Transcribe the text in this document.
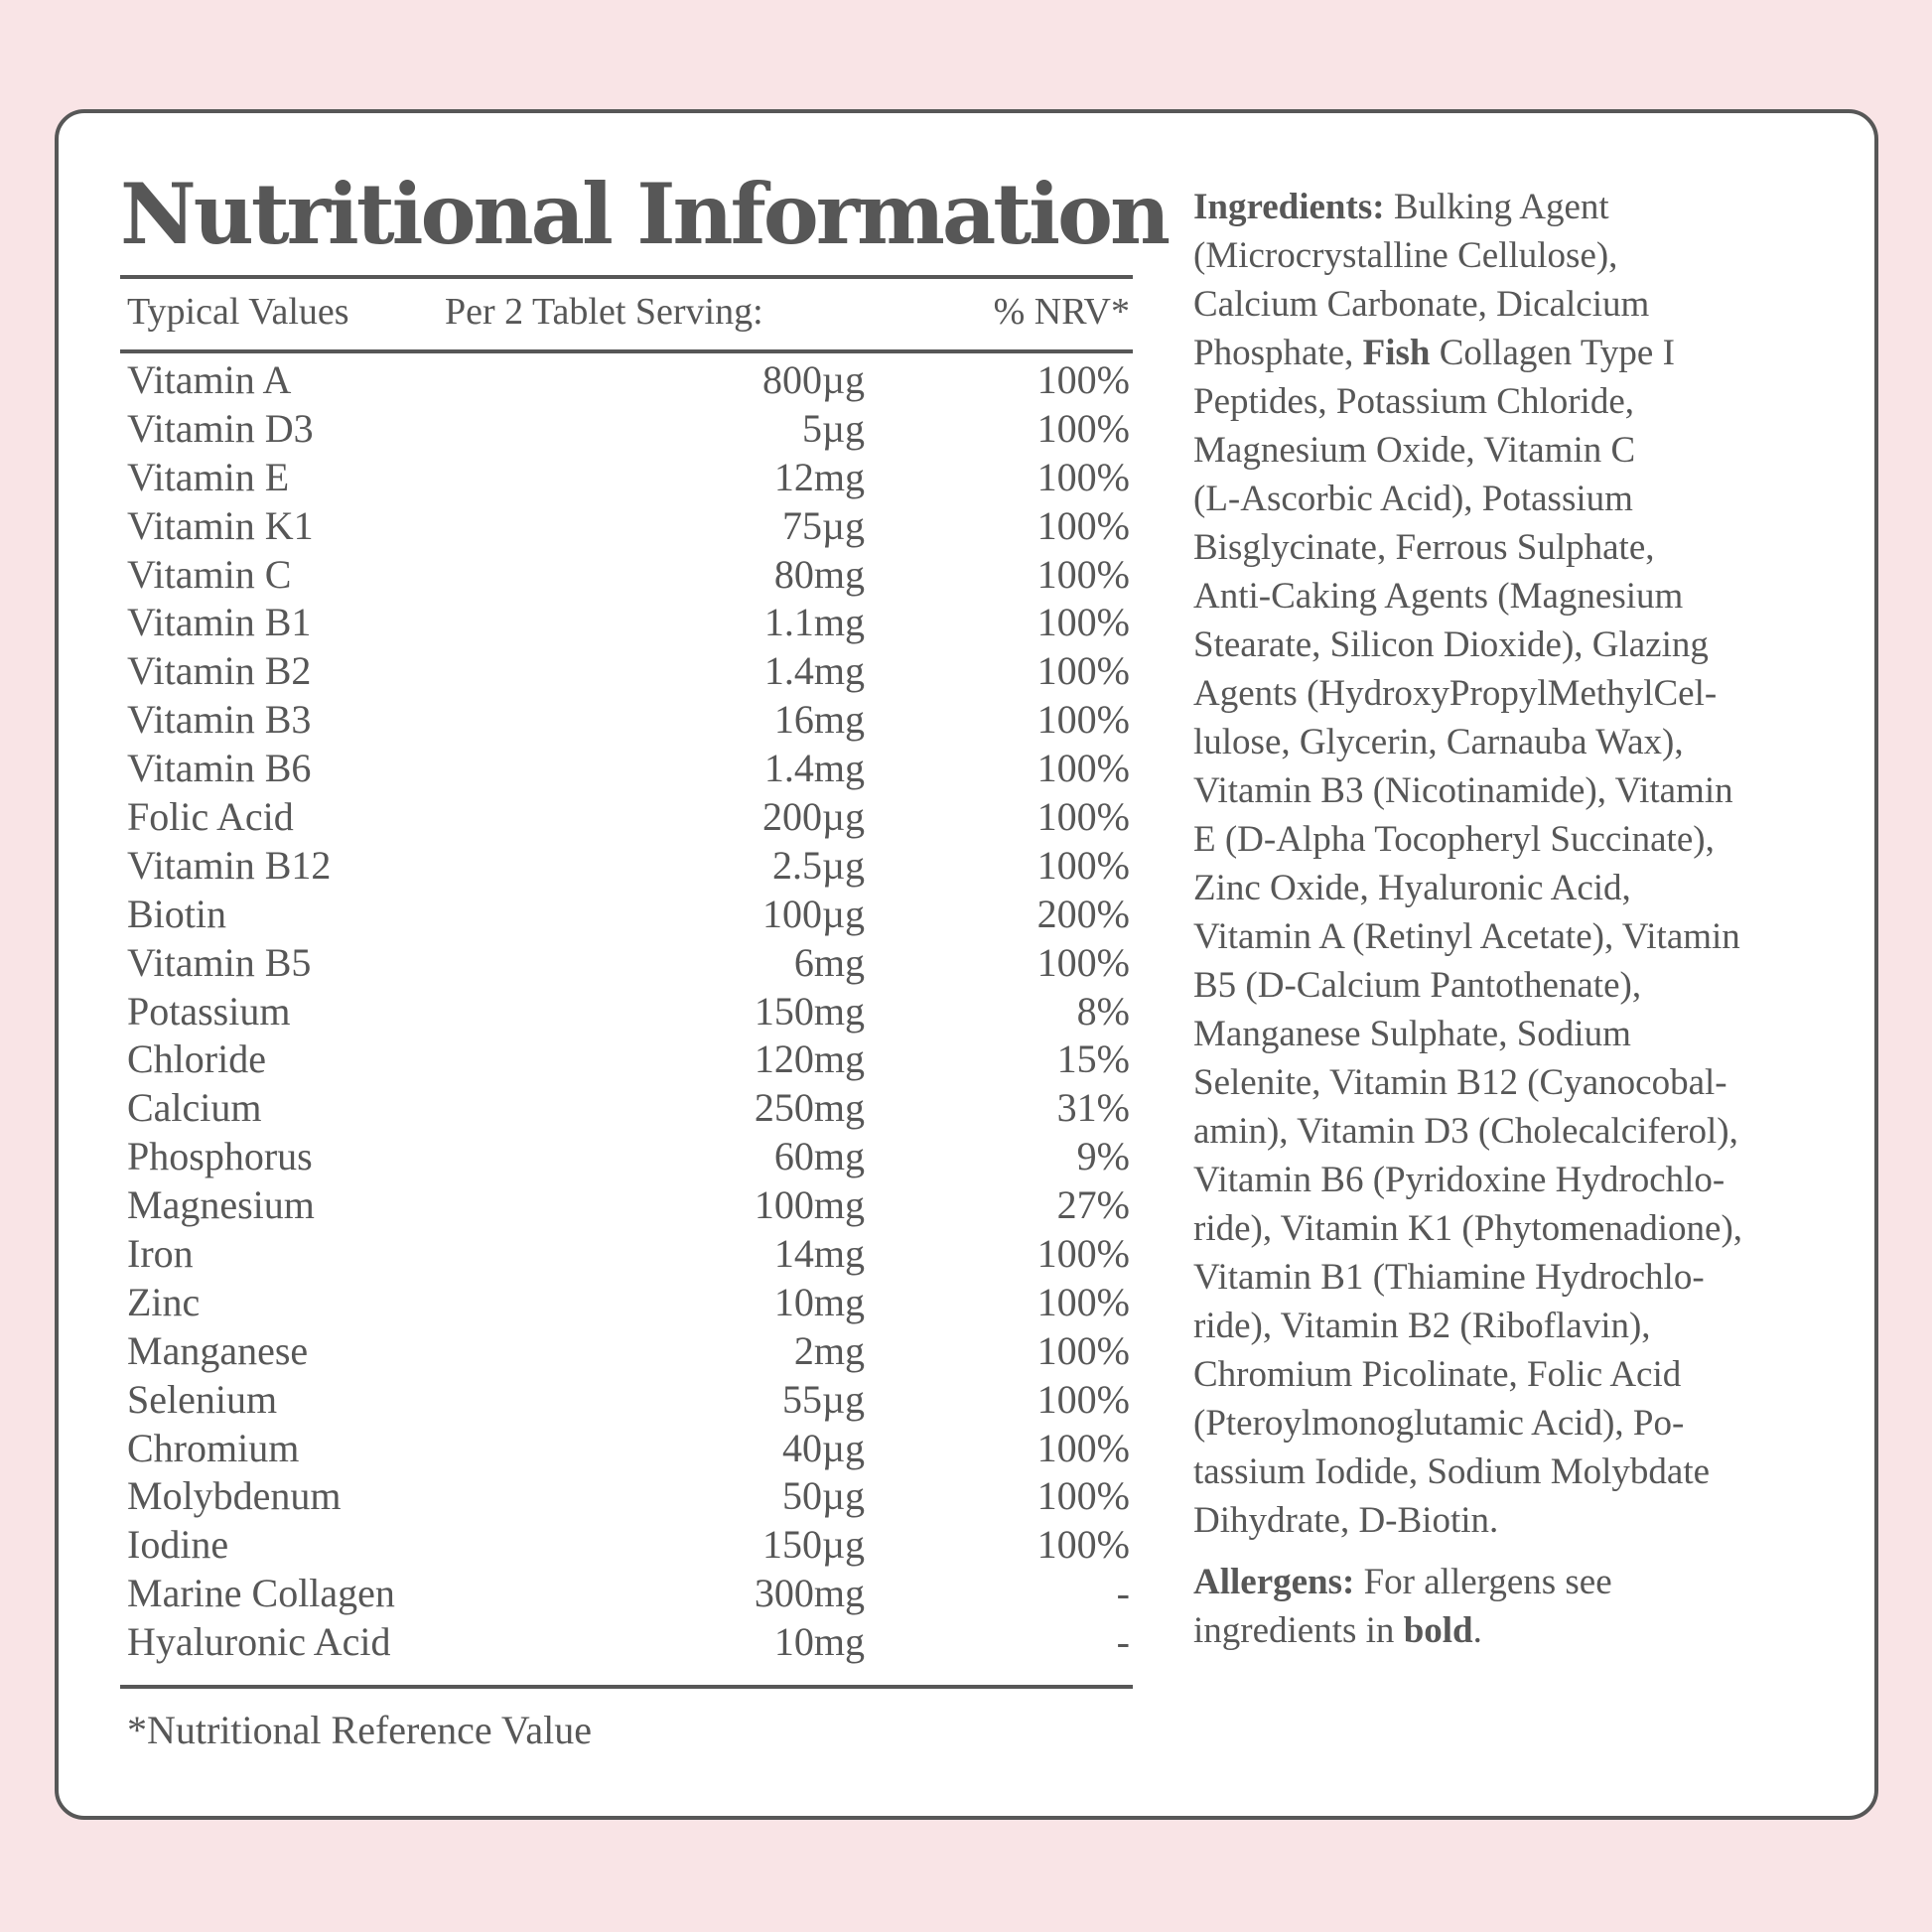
Nutritional Information
Typical Values	Per 2 Tablet Serving:	% NRV*
Vitamin A	800µg	100%
Vitamin D3	5µg	100%
Vitamin E	12mg	100%
Vitamin K1	75µg	100%
Vitamin C	80mg	100%
Vitamin B1	1.1mg	100%
Vitamin B2	1.4mg	100%
Vitamin B3	16mg	100%
Vitamin B6	1.4mg	100%
Folic Acid	200µg	100%
Vitamin B12	2.5µg	100%
Biotin	100µg	200%
Vitamin B5	6mg	100%
Potassium	150mg	8%
Chloride	120mg	15%
Calcium	250mg	31%
Phosphorus	60mg	9%
Magnesium	100mg	27%
Iron	14mg	100%
Zinc	10mg	100%
Manganese	2mg	100%
Selenium	55µg	100%
Chromium	40µg	100%
Molybdenum	50µg	100%
Iodine	150µg	100%
Marine Collagen	300mg	-
Hyaluronic Acid	10mg	-
*Nutritional Reference Value
Ingredients: Bulking Agent
(Microcrystalline Cellulose),
Calcium Carbonate, Dicalcium
Phosphate, Fish Collagen Type I
Peptides, Potassium Chloride,
Magnesium Oxide, Vitamin C
(L-Ascorbic Acid), Potassium
Bisglycinate, Ferrous Sulphate,
Anti-Caking Agents (Magnesium
Stearate, Silicon Dioxide), Glazing
Agents (HydroxyPropylMethylCel-
lulose, Glycerin, Carnauba Wax),
Vitamin B3 (Nicotinamide), Vitamin
E (D-Alpha Tocopheryl Succinate),
Zinc Oxide, Hyaluronic Acid,
Vitamin A (Retinyl Acetate), Vitamin
B5 (D-Calcium Pantothenate),
Manganese Sulphate, Sodium
Selenite, Vitamin B12 (Cyanocobal-
amin), Vitamin D3 (Cholecalciferol),
Vitamin B6 (Pyridoxine Hydrochlo-
ride), Vitamin K1 (Phytomenadione),
Vitamin B1 (Thiamine Hydrochlo-
ride), Vitamin B2 (Riboflavin),
Chromium Picolinate, Folic Acid
(Pteroylmonoglutamic Acid), Po-
tassium Iodide, Sodium Molybdate
Dihydrate, D-Biotin.
Allergens: For allergens see
ingredients in bold.
